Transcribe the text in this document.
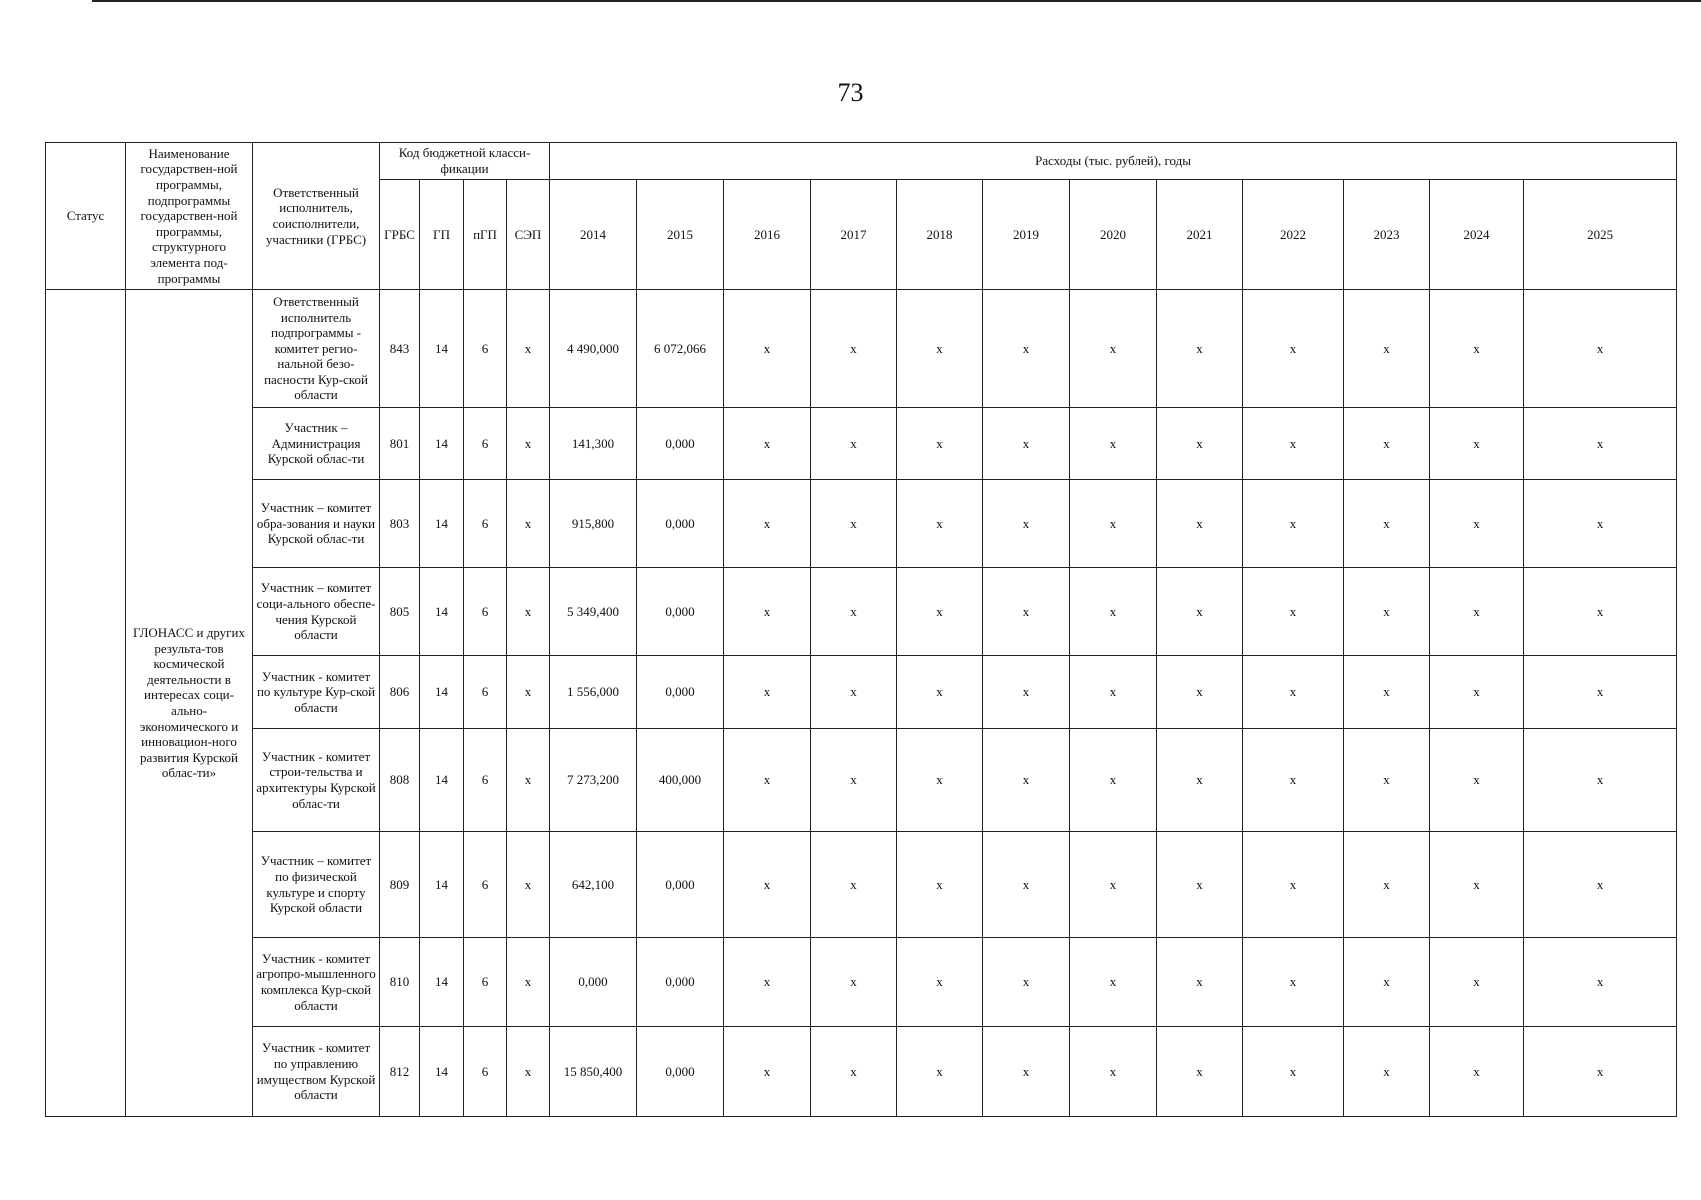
73
Статус	Наименование государствен-ной программы, подпрограммы государствен-ной программы, структурного элемента под-программы	Ответственный исполнитель, соисполнители, участники (ГРБС)	Код бюджетной класси-фикации				Расходы (тыс. рублей), годы											
			ГРБС	ГП	пГП	СЭП	2014	2015	2016	2017	2018	2019	2020	2021	2022	2023	2024	2025
	ГЛОНАСС и других результа-тов космической деятельности в интересах соци-ально-экономического и инновацион-ного развития Курской облас-ти»	Ответственный исполнитель подпрограммы - комитет регио-нальной безо-пасности Кур-ской области	843	14	6	х	4 490,000	6 072,066	х	х	х	х	х	х	х	х	х	х
		Участник – Администрация Курской облас-ти	801	14	6	х	141,300	0,000	х	х	х	х	х	х	х	х	х	х
		Участник – комитет обра-зования и науки Курской облас-ти	803	14	6	х	915,800	0,000	х	х	х	х	х	х	х	х	х	х
		Участник – комитет соци-ального обеспе-чения Курской области	805	14	6	х	5 349,400	0,000	х	х	х	х	х	х	х	х	х	х
		Участник - комитет по культуре Кур-ской области	806	14	6	х	1 556,000	0,000	х	х	х	х	х	х	х	х	х	х
		Участник - комитет строи-тельства и архитектуры Курской облас-ти	808	14	6	х	7 273,200	400,000	х	х	х	х	х	х	х	х	х	х
		Участник – комитет по физической культуре и спорту Курской области	809	14	6	х	642,100	0,000	х	х	х	х	х	х	х	х	х	х
		Участник - комитет агропро-мышленного комплекса Кур-ской области	810	14	6	х	0,000	0,000	х	х	х	х	х	х	х	х	х	х
		Участник - комитет по управлению имуществом Курской области	812	14	6	х	15 850,400	0,000	х	х	х	х	х	х	х	х	х	х
